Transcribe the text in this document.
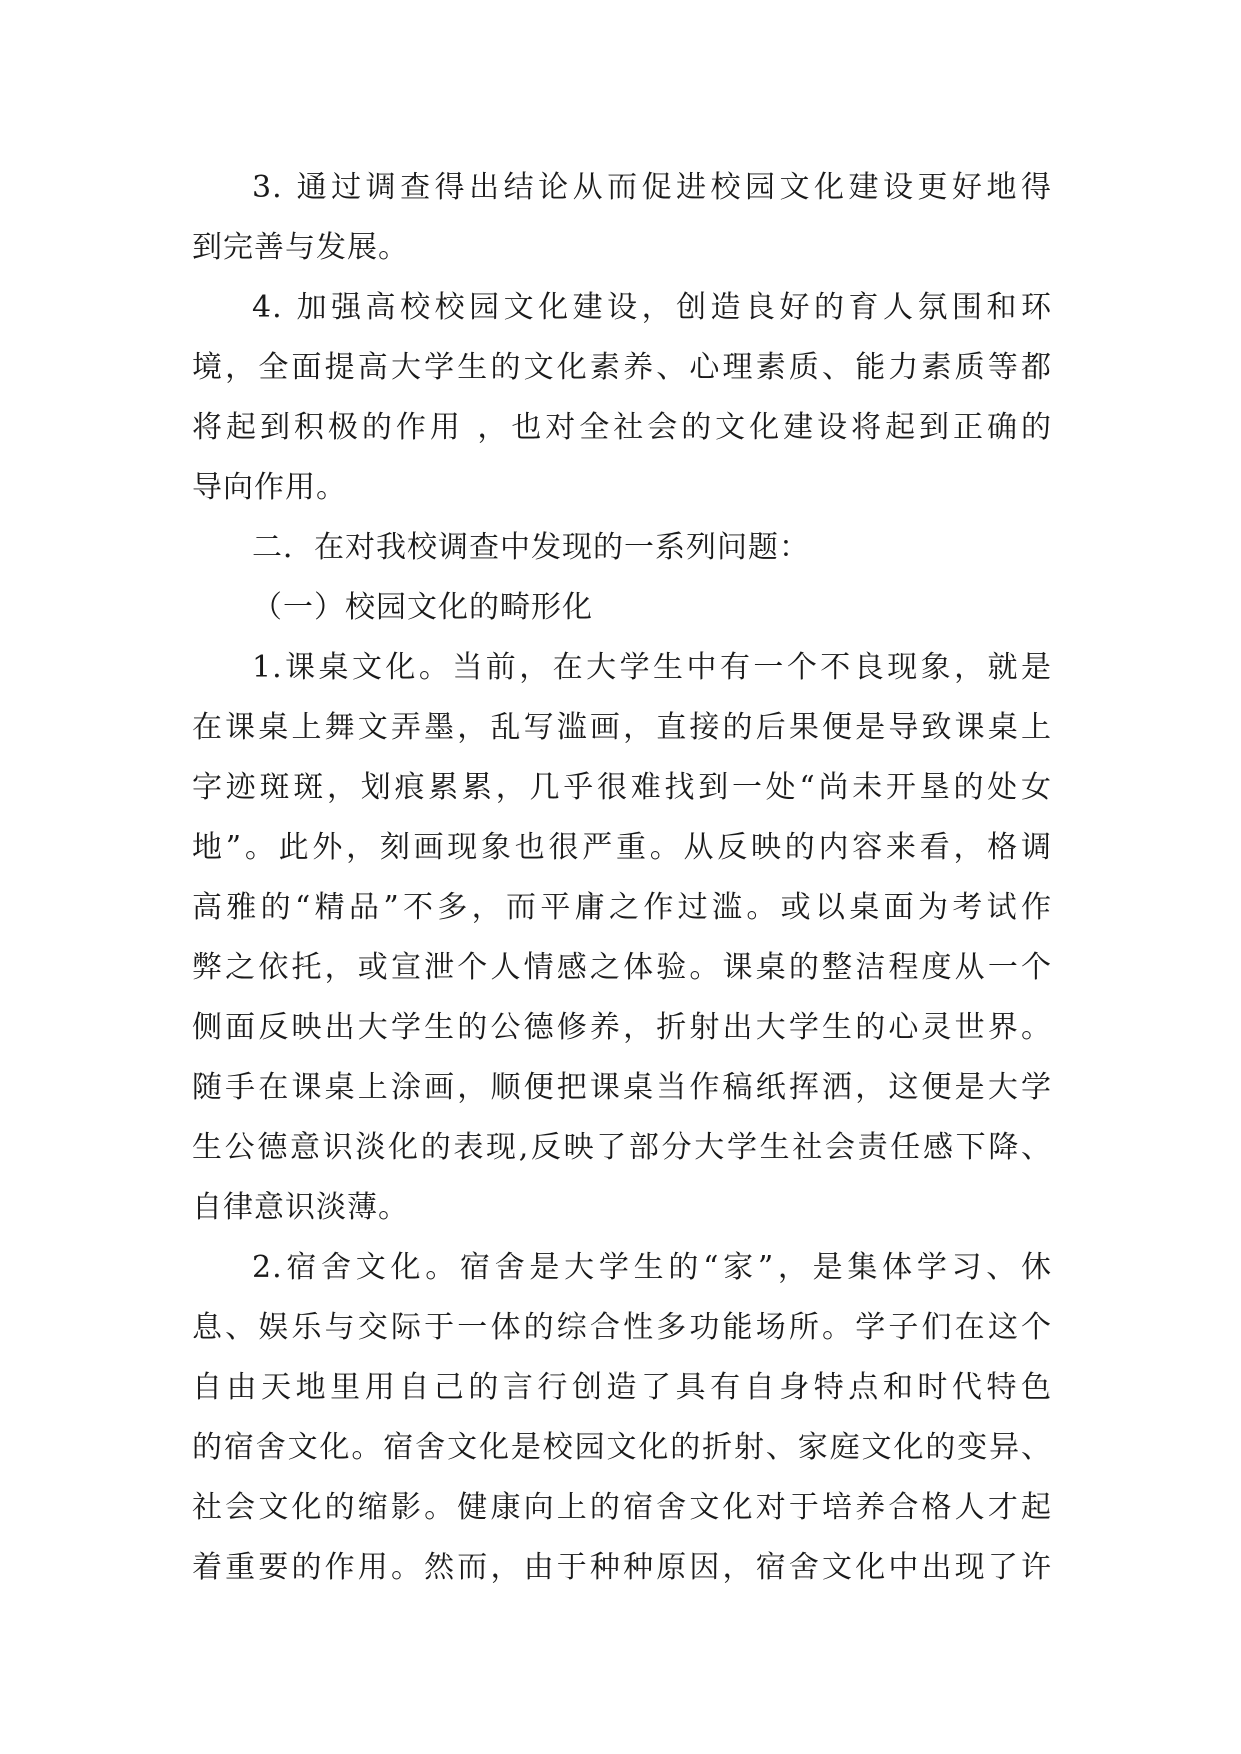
3. 通过调查得出结论从而促进校园文化建设更好地得
到完善与发展。
4. 加强高校校园文化建设，创造良好的育人氛围和环
境，全面提高大学生的文化素养、心理素质、能力素质等都
将起到积极的作用 ，也对全社会的文化建设将起到正确的
导向作用。
二．在对我校调查中发现的一系列问题：
（一）校园文化的畸形化
1.课桌文化。当前，在大学生中有一个不良现象，就是
在课桌上舞文弄墨，乱写滥画，直接的后果便是导致课桌上
字迹斑斑，划痕累累，几乎很难找到一处“尚未开垦的处女
地”。此外，刻画现象也很严重。从反映的内容来看，格调
高雅的“精品”不多，而平庸之作过滥。或以桌面为考试作
弊之依托，或宣泄个人情感之体验。课桌的整洁程度从一个
侧面反映出大学生的公德修养，折射出大学生的心灵世界。
随手在课桌上涂画，顺便把课桌当作稿纸挥洒，这便是大学
生公德意识淡化的表现,反映了部分大学生社会责任感下降、
自律意识淡薄。
2.宿舍文化。宿舍是大学生的“家”，是集体学习、休
息、娱乐与交际于一体的综合性多功能场所。学子们在这个
自由天地里用自己的言行创造了具有自身特点和时代特色
的宿舍文化。宿舍文化是校园文化的折射、家庭文化的变异、
社会文化的缩影。健康向上的宿舍文化对于培养合格人才起
着重要的作用。然而，由于种种原因，宿舍文化中出现了许
